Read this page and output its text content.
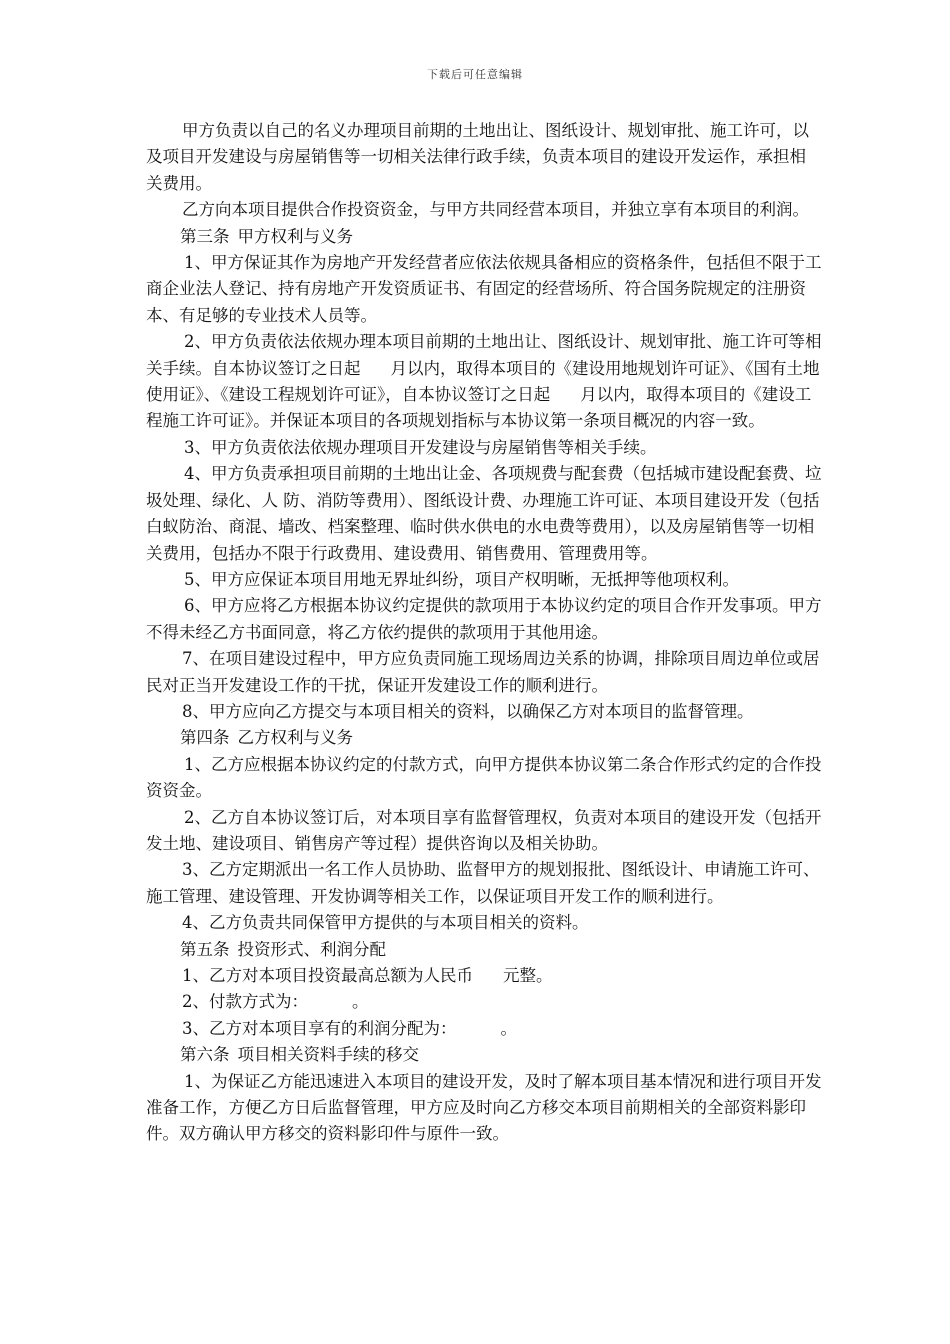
下载后可任意编辑

甲方负责以自己的名义办理项目前期的土地出让、图纸设计、规划审批、施工许可，以及项目开发建设与房屋销售等一切相关法律行政手续，负责本项目的建设开发运作，承担相关费用。

乙方向本项目提供合作投资资金，与甲方共同经营本项目，并独立享有本项目的利润。

第三条 甲方权利与义务

1、甲方保证其作为房地产开发经营者应依法依规具备相应的资格条件，包括但不限于工商企业法人登记、持有房地产开发资质证书、有固定的经营场所、符合国务院规定的注册资本、有足够的专业技术人员等。

2、甲方负责依法依规办理本项目前期的土地出让、图纸设计、规划审批、施工许可等相关手续。自本协议签订之日起 月以内，取得本项目的《建设用地规划许可证》、《国有土地使用证》、《建设工程规划许可证》，自本协议签订之日起 月以内，取得本项目的《建设工程施工许可证》。并保证本项目的各项规划指标与本协议第一条项目概况的内容一致。

3、甲方负责依法依规办理项目开发建设与房屋销售等相关手续。

4、甲方负责承担项目前期的土地出让金、各项规费与配套费（包括城市建设配套费、垃圾处理、绿化、人 防、消防等费用）、图纸设计费、办理施工许可证、本项目建设开发（包括白蚁防治、商混、墙改、档案整理、临时供水供电的水电费等费用），以及房屋销售等一切相关费用，包括办不限于行政费用、建设费用、销售费用、管理费用等。

5、甲方应保证本项目用地无界址纠纷，项目产权明晰，无抵押等他项权利。

6、甲方应将乙方根据本协议约定提供的款项用于本协议约定的项目合作开发事项。甲方不得未经乙方书面同意，将乙方依约提供的款项用于其他用途。

7、在项目建设过程中，甲方应负责同施工现场周边关系的协调，排除项目周边单位或居民对正当开发建设工作的干扰，保证开发建设工作的顺利进行。

8、甲方应向乙方提交与本项目相关的资料，以确保乙方对本项目的监督管理。

第四条 乙方权利与义务

1、乙方应根据本协议约定的付款方式，向甲方提供本协议第二条合作形式约定的合作投资资金。

2、乙方自本协议签订后，对本项目享有监督管理权，负责对本项目的建设开发（包括开发土地、建设项目、销售房产等过程）提供咨询以及相关协助。

3、乙方定期派出一名工作人员协助、监督甲方的规划报批、图纸设计、申请施工许可、施工管理、建设管理、开发协调等相关工作，以保证项目开发工作的顺利进行。

4、乙方负责共同保管甲方提供的与本项目相关的资料。

第五条 投资形式、利润分配

1、乙方对本项目投资最高总额为人民币 元整。

2、付款方式为：	。

3、乙方对本项目享有的利润分配为：	。

第六条 项目相关资料手续的移交

1、为保证乙方能迅速进入本项目的建设开发，及时了解本项目基本情况和进行项目开发准备工作，方便乙方日后监督管理，甲方应及时向乙方移交本项目前期相关的全部资料影印件。双方确认甲方移交的资料影印件与原件一致。
